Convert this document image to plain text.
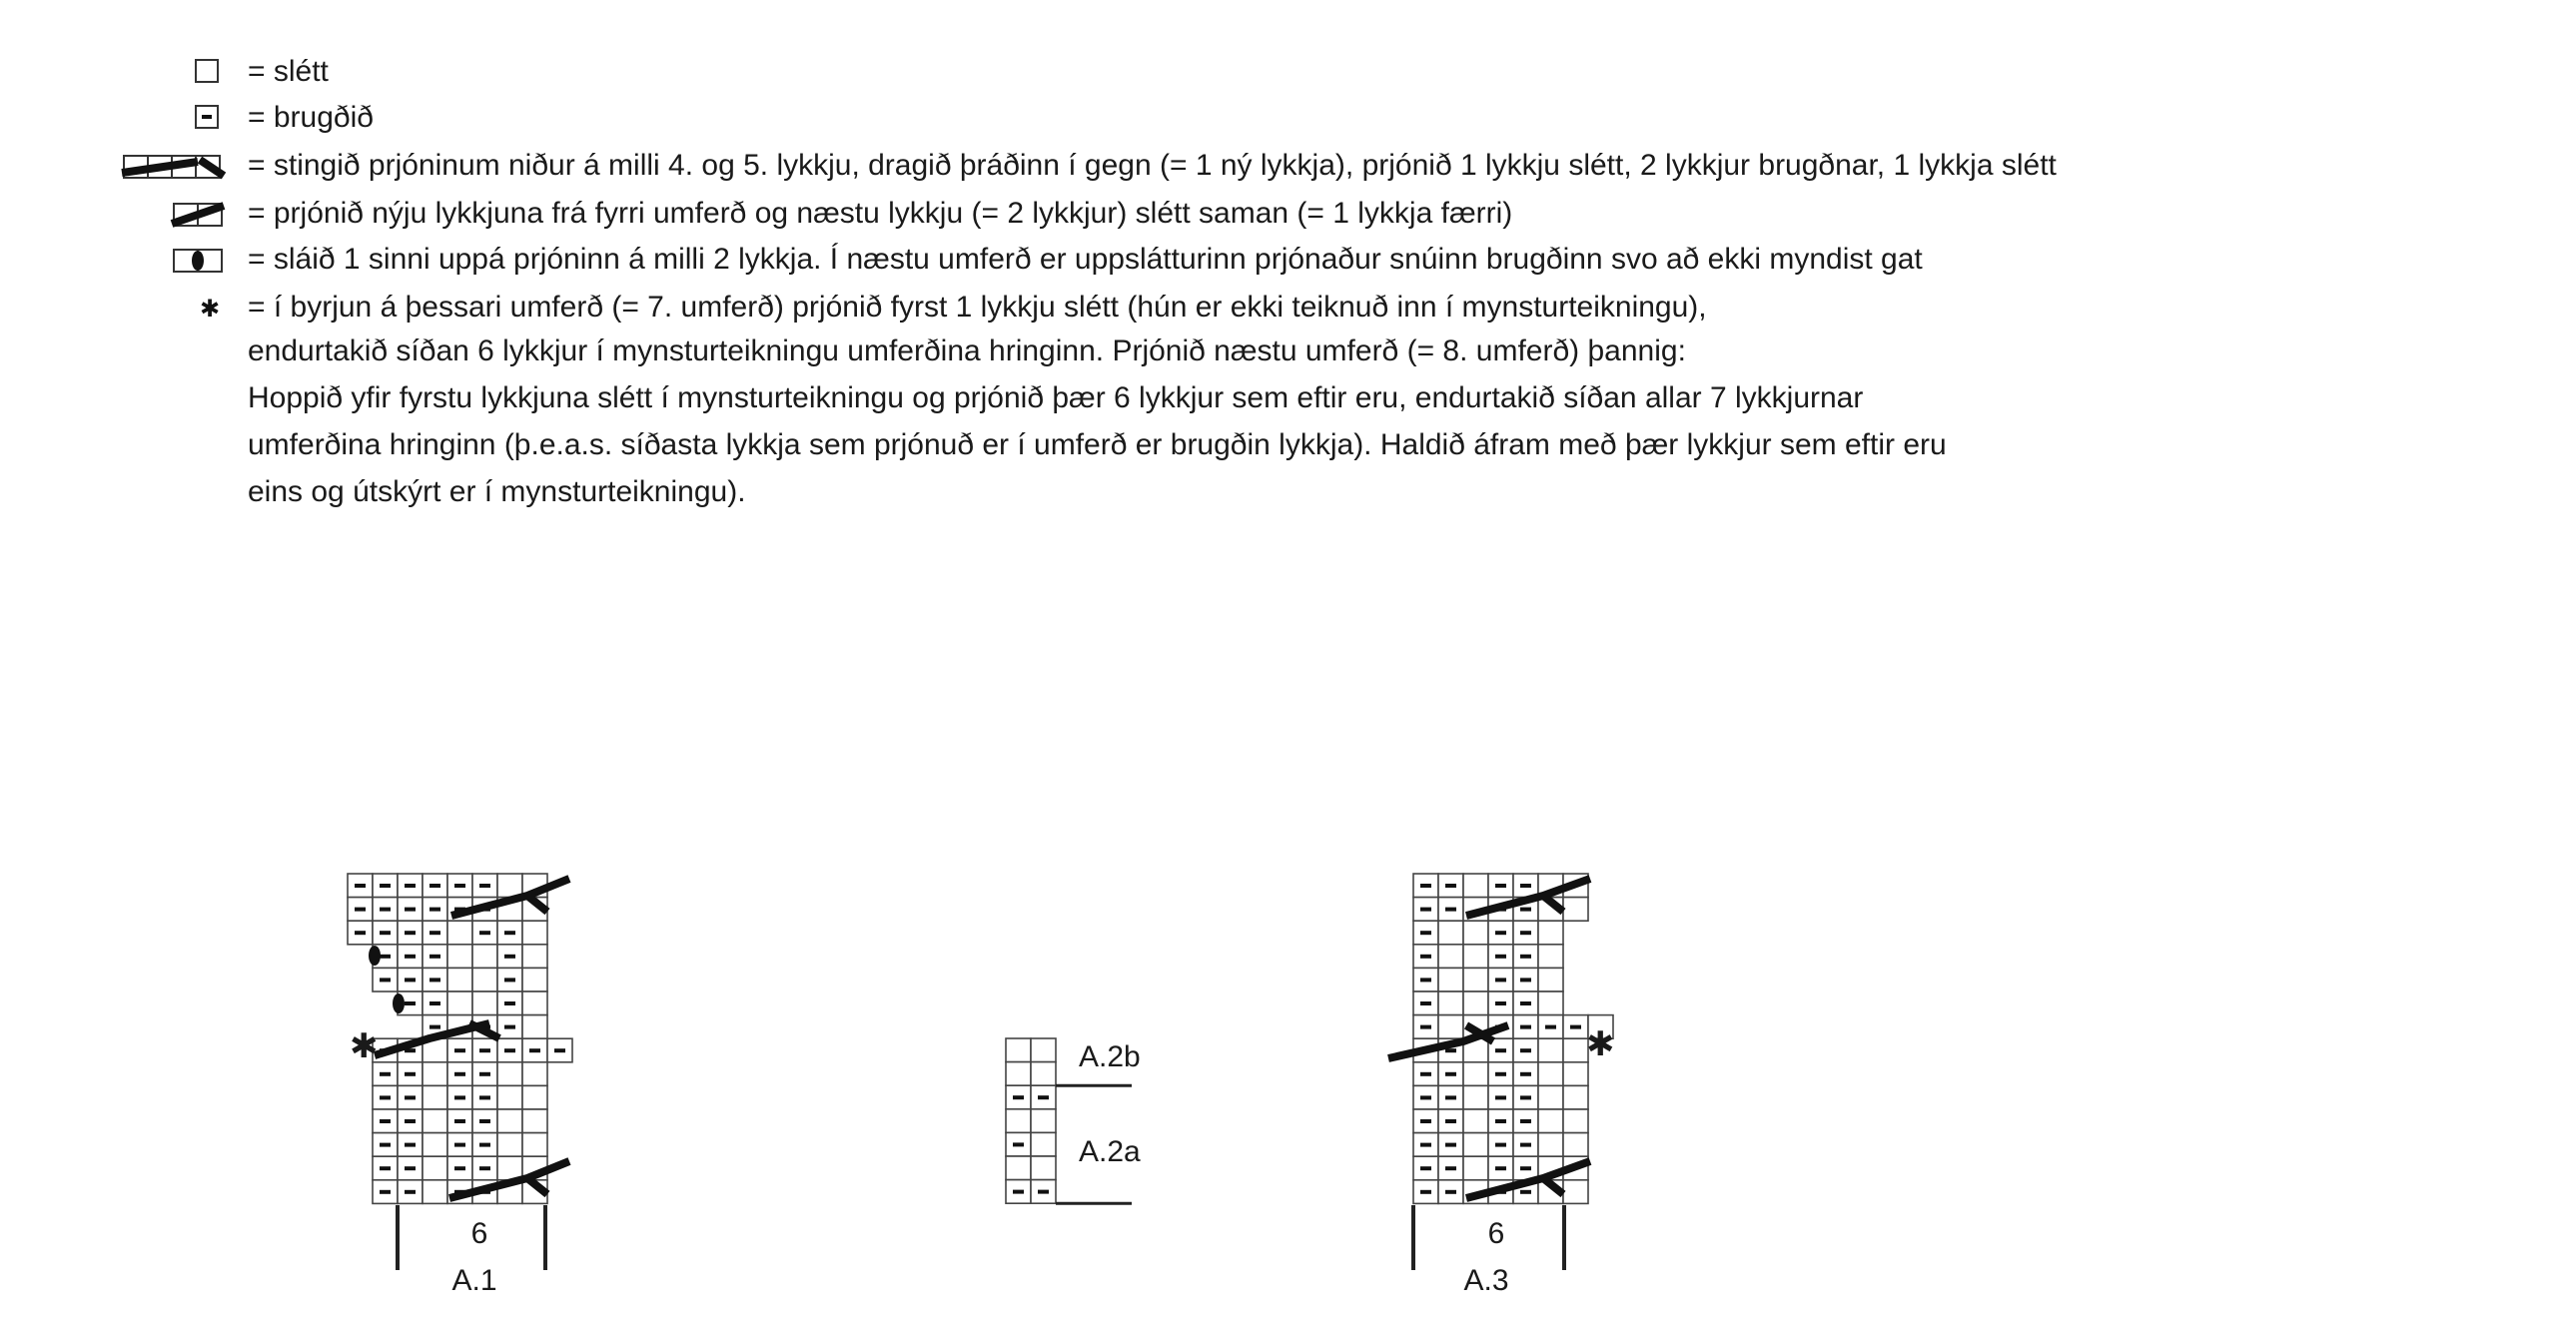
= slétt
= brugðið
= stingið prjóninum niður á milli 4. og 5. lykkju, dragið þráðinn í gegn (= 1 ný lykkja), prjónið 1 lykkju slétt, 2 lykkjur brugðnar, 1 lykkja slétt
= prjónið nýju lykkjuna frá fyrri umferð og næstu lykkju (= 2 lykkjur) slétt saman (= 1 lykkja færri)
= sláið 1 sinni uppá prjóninn á milli 2 lykkja. Í næstu umferð er uppslátturinn prjónaður snúinn brugðinn svo að ekki myndist gat
✱ = í byrjun á þessari umferð (= 7. umferð) prjónið fyrst 1 lykkju slétt (hún er ekki teiknuð inn í mynsturteikningu),
endurtakið síðan 6 lykkjur í mynsturteikningu umferðina hringinn. Prjónið næstu umferð (= 8. umferð) þannig:
Hoppið yfir fyrstu lykkjuna slétt í mynsturteikningu og prjónið þær 6 lykkjur sem eftir eru, endurtakið síðan allar 7 lykkjurnar
umferðina hringinn (þ.e.a.s. síðasta lykkja sem prjónuð er í umferð er brugðin lykkja). Haldið áfram með þær lykkjur sem eftir eru
eins og útskýrt er í mynsturteikningu).
✱
6
A.1
A.2b
A.2a
✱
6
A.3
